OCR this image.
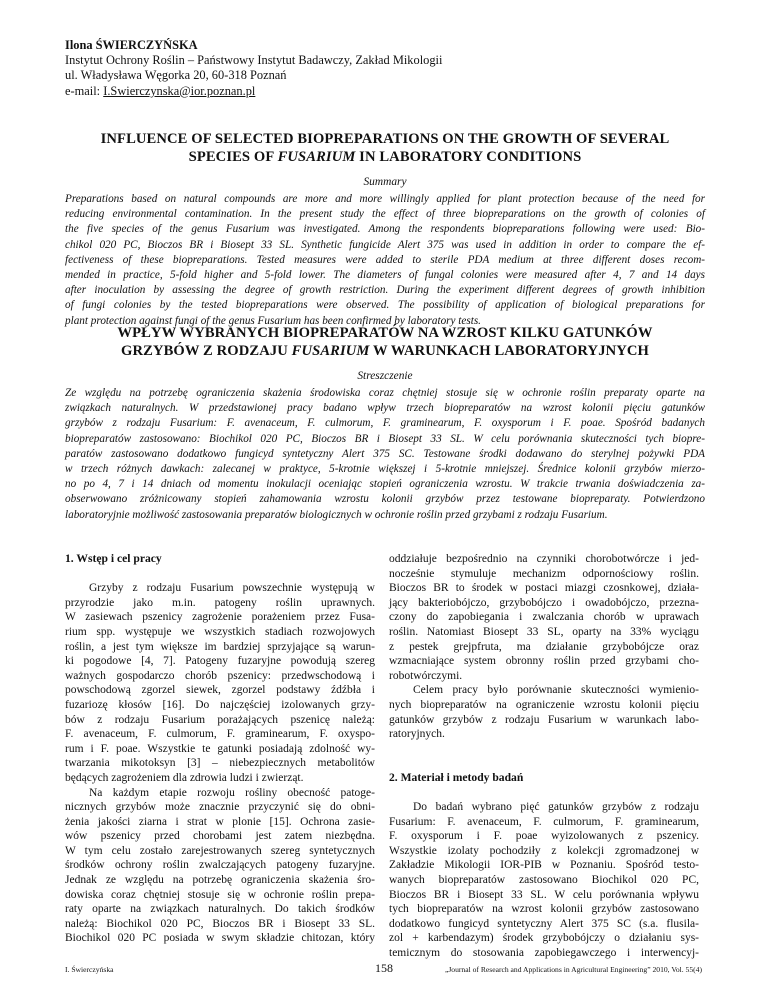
Ilona ŚWIERCZYŃSKA
Instytut Ochrony Roślin – Państwowy Instytut Badawczy, Zakład Mikologii
ul. Władysława Węgorka 20, 60-318 Poznań
e-mail: I.Swierczynska@ior.poznan.pl
INFLUENCE OF SELECTED BIOPREPARATIONS ON THE GROWTH OF SEVERAL
SPECIES OF FUSARIUM IN LABORATORY CONDITIONS
Summary
Preparations based on natural compounds are more and more willingly applied for plant protection because of the need for
reducing environmental contamination. In the present study the effect of three biopreparations on the growth of colonies of
the five species of the genus Fusarium was investigated. Among the respondents biopreparations following were used: Bio-
chikol 020 PC, Bioczos BR i Biosept 33 SL. Synthetic fungicide Alert 375 was used in addition in order to compare the ef-
fectiveness of these biopreparations. Tested measures were added to sterile PDA medium at three different doses recom-
mended in practice, 5-fold higher and 5-fold lower. The diameters of fungal colonies were measured after 4, 7 and 14 days
after inoculation by assessing the degree of growth restriction. During the experiment different degrees of growth inhibition
of fungi colonies by the tested biopreparations were observed. The possibility of application of biological preparations for
plant protection against fungi of the genus Fusarium has been confirmed by laboratory tests.
WPŁYW WYBRANYCH BIOPREPARATÓW NA WZROST KILKU GATUNKÓW
GRZYBÓW Z RODZAJU FUSARIUM W WARUNKACH LABORATORYJNYCH
Streszczenie
Ze względu na potrzebę ograniczenia skażenia środowiska coraz chętniej stosuje się w ochronie roślin preparaty oparte na
związkach naturalnych. W przedstawionej pracy badano wpływ trzech biopreparatów na wzrost kolonii pięciu gatunków
grzybów z rodzaju Fusarium: F. avenaceum, F. culmorum, F. graminearum, F. oxysporum i F. poae. Spośród badanych
biopreparatów zastosowano: Biochikol 020 PC, Bioczos BR i Biosept 33 SL. W celu porównania skuteczności tych biopre-
paratów zastosowano dodatkowo fungicyd syntetyczny Alert 375 SC. Testowane środki dodawano do sterylnej pożywki PDA
w trzech różnych dawkach: zalecanej w praktyce, 5-krotnie większej i 5-krotnie mniejszej. Średnice kolonii grzybów mierzo-
no po 4, 7 i 14 dniach od momentu inokulacji oceniając stopień ograniczenia wzrostu. W trakcie trwania doświadczenia za-
obserwowano zróżnicowany stopień zahamowania wzrostu kolonii grzybów przez testowane biopreparaty. Potwierdzono
laboratoryjnie możliwość zastosowania preparatów biologicznych w ochronie roślin przed grzybami z rodzaju Fusarium.
1. Wstęp i cel pracy
Grzyby z rodzaju Fusarium powszechnie występują w
przyrodzie jako m.in. patogeny roślin uprawnych.
W zasiewach pszenicy zagrożenie porażeniem przez Fusa-
rium spp. występuje we wszystkich stadiach rozwojowych
roślin, a jest tym większe im bardziej sprzyjające są warun-
ki pogodowe [4, 7]. Patogeny fuzaryjne powodują szereg
ważnych gospodarczo chorób pszenicy: przedwschodową i
powschodową zgorzel siewek, zgorzel podstawy źdźbła i
fuzariozę kłosów [16]. Do najczęściej izolowanych grzy-
bów z rodzaju Fusarium porażających pszenicę należą:
F. avenaceum, F. culmorum, F. graminearum, F. oxyspo-
rum i F. poae. Wszystkie te gatunki posiadają zdolność wy-
twarzania mikotoksyn [3] – niebezpiecznych metabolitów
będących zagrożeniem dla zdrowia ludzi i zwierząt.
Na każdym etapie rozwoju rośliny obecność patoge-
nicznych grzybów może znacznie przyczynić się do obni-
żenia jakości ziarna i strat w plonie [15]. Ochrona zasie-
wów pszenicy przed chorobami jest zatem niezbędna.
W tym celu zostało zarejestrowanych szereg syntetycznych
środków ochrony roślin zwalczających patogeny fuzaryjne.
Jednak ze względu na potrzebę ograniczenia skażenia śro-
dowiska coraz chętniej stosuje się w ochronie roślin prepa-
raty oparte na związkach naturalnych. Do takich środków
należą: Biochikol 020 PC, Bioczos BR i Biosept 33 SL.
Biochikol 020 PC posiada w swym składzie chitozan, który
oddziałuje bezpośrednio na czynniki chorobotwórcze i jed-
nocześnie stymuluje mechanizm odpornościowy roślin.
Bioczos BR to środek w postaci miazgi czosnkowej, działa-
jący bakteriobójczo, grzybobójczo i owadobójczo, przezna-
czony do zapobiegania i zwalczania chorób w uprawach
roślin. Natomiast Biosept 33 SL, oparty na 33% wyciągu
z pestek grejpfruta, ma działanie grzybobójcze oraz
wzmacniające system obronny roślin przed grzybami cho-
robotwórczymi.
Celem pracy było porównanie skuteczności wymienio-
nych biopreparatów na ograniczenie wzrostu kolonii pięciu
gatunków grzybów z rodzaju Fusarium w warunkach labo-
ratoryjnych.
2. Materiał i metody badań
Do badań wybrano pięć gatunków grzybów z rodzaju
Fusarium: F. avenaceum, F. culmorum, F. graminearum,
F. oxysporum i F. poae wyizolowanych z pszenicy.
Wszystkie izolaty pochodziły z kolekcji zgromadzonej w
Zakładzie Mikologii IOR-PIB w Poznaniu. Spośród testo-
wanych biopreparatów zastosowano Biochikol 020 PC,
Bioczos BR i Biosept 33 SL. W celu porównania wpływu
tych biopreparatów na wzrost kolonii grzybów zastosowano
dodatkowo fungicyd syntetyczny Alert 375 SC (s.a. flusila-
zol + karbendazym) środek grzybobójczy o działaniu sys-
temicznym do stosowania zapobiegawczego i interwencyj-
I. Świerczyńska	158	„Journal of Research and Applications in Agricultural Engineering” 2010, Vol. 55(4)
